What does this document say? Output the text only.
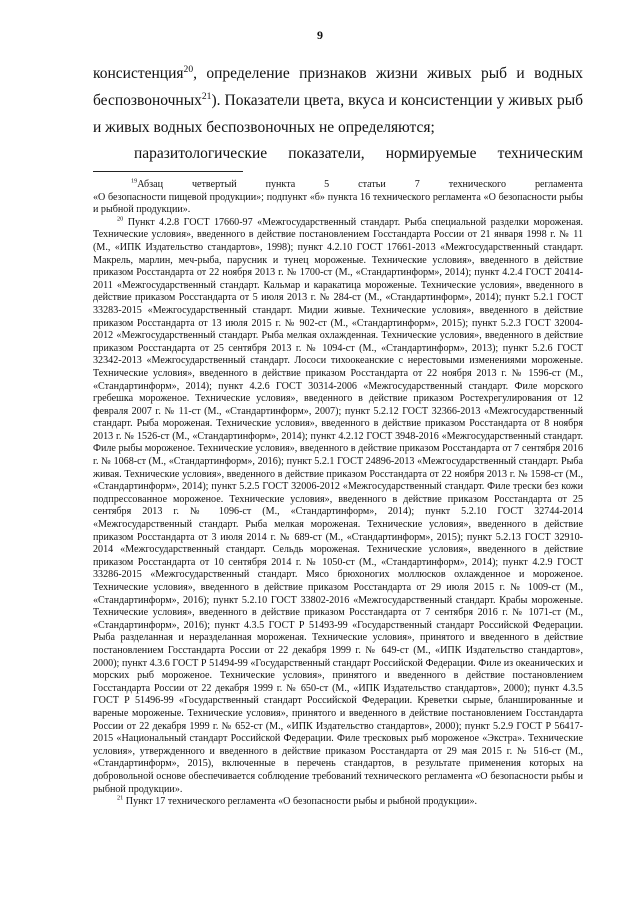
9

консистенция$^{20}$, определение признаков жизни живых рыб и водных беспозвоночных$^{21}$). Показатели цвета, вкуса и консистенции у живых рыб и живых водных беспозвоночных не определяются;

паразитологические показатели, нормируемые техническим
$^{19}$Абзац	четвертый	пункта	5	статьи	7	технического	регламента

«О безопасности пищевой продукции»; подпункт «б» пункта 16 технического регламента «О безопасности рыбы и рыбной продукции».

$^{20}$ Пункт 4.2.8 ГОСТ 17660-97 «Межгосударственный стандарт. Рыба специальной разделки мороженая. Технические условия», введенного в действие постановлением Госстандарта России от 21 января 1998 г. № 11 (М., «ИПК Издательство стандартов», 1998); пункт 4.2.10 ГОСТ 17661-2013 «Межгосударственный стандарт. Макрель, марлин, меч-рыба, парусник и тунец мороженые. Технические условия», введенного в действие приказом Росстандарта от 22 ноября 2013 г. № 1700-ст (М., «Стандартинформ», 2014); пункт 4.2.4 ГОСТ 20414-2011 «Межгосударственный стандарт. Кальмар и каракатица мороженые. Технические условия», введенного в действие приказом Росстандарта от 5 июля 2013 г. № 284-ст (М., «Стандартинформ», 2014); пункт 5.2.1 ГОСТ 33283-2015 «Межгосударственный стандарт. Мидии живые. Технические условия», введенного в действие приказом Росстандарта от 13 июля 2015 г. № 902-ст (М., «Стандартинформ», 2015); пункт 5.2.3 ГОСТ 32004-2012 «Межгосударственный стандарт. Рыба мелкая охлажденная. Технические условия», введенного в действие приказом Росстандарта от 25 сентября 2013 г. № 1094-ст (М., «Стандартинформ», 2013); пункт 5.2.6 ГОСТ 32342-2013 «Межгосударственный стандарт. Лососи тихоокеанские с нерестовыми изменениями мороженые. Технические условия», введенного в действие приказом Росстандарта от 22 ноября 2013 г. № 1596-ст (М., «Стандартинформ», 2014); пункт 4.2.6 ГОСТ 30314-2006 «Межгосударственный стандарт. Филе морского гребешка мороженое. Технические условия», введенного в действие приказом Ростехрегулирования от 12 февраля 2007 г. № 11-ст (М., «Стандартинформ», 2007); пункт 5.2.12 ГОСТ 32366-2013 «Межгосударственный стандарт. Рыба мороженая. Технические условия», введенного в действие приказом Росстандарта от 8 ноября 2013 г. № 1526-ст (М., «Стандартинформ», 2014); пункт 4.2.12 ГОСТ 3948-2016 «Межгосударственный стандарт. Филе рыбы мороженое. Технические условия», введенного в действие приказом Росстандарта от 7 сентября 2016 г. № 1068-ст (М., «Стандартинформ», 2016); пункт 5.2.1 ГОСТ 24896-2013 «Межгосударственный стандарт. Рыба живая. Технические условия», введенного в действие приказом Росстандарта от 22 ноября 2013 г. № 1598-ст (М., «Стандартинформ», 2014); пункт 5.2.5 ГОСТ 32006-2012 «Межгосударственный стандарт. Филе трески без кожи подпрессованное мороженое. Технические условия», введенного в действие приказом Росстандарта от 25 сентября 2013 г. № 1096-ст (М., «Стандартинформ», 2014); пункт 5.2.10 ГОСТ 32744-2014 «Межгосударственный стандарт. Рыба мелкая мороженая. Технические условия», введенного в действие приказом Росстандарта от 3 июля 2014 г. № 689-ст (М., «Стандартинформ», 2015); пункт 5.2.13 ГОСТ 32910-2014 «Межгосударственный стандарт. Сельдь мороженая. Технические условия», введенного в действие приказом Росстандарта от 10 сентября 2014 г. № 1050-ст (М., «Стандартинформ», 2014); пункт 4.2.9 ГОСТ 33286-2015 «Межгосударственный стандарт. Мясо брюхоногих моллюсков охлажденное и мороженое. Технические условия», введенного в действие приказом Росстандарта от 29 июля 2015 г. № 1009-ст (М., «Стандартинформ», 2016); пункт 5.2.10 ГОСТ 33802-2016 «Межгосударственный стандарт. Крабы мороженые. Технические условия», введенного в действие приказом Росстандарта от 7 сентября 2016 г. № 1071-ст (М., «Стандартинформ», 2016); пункт 4.3.5 ГОСТ Р 51493-99 «Государственный стандарт Российской Федерации. Рыба разделанная и неразделанная мороженая. Технические условия», принятого и введенного в действие постановлением Госстандарта России от 22 декабря 1999 г. № 649-ст (М., «ИПК Издательство стандартов», 2000); пункт 4.3.6 ГОСТ Р 51494-99 «Государственный стандарт Российской Федерации. Филе из океанических и морских рыб мороженое. Технические условия», принятого и введенного в действие постановлением Госстандарта России от 22 декабря 1999 г. № 650-ст (М., «ИПК Издательство стандартов», 2000); пункт 4.3.5 ГОСТ Р 51496-99 «Государственный стандарт Российской Федерации. Креветки сырые, бланшированные и вареные мороженые. Технические условия», принятого и введенного в действие постановлением Госстандарта России от 22 декабря 1999 г. № 652-ст (М., «ИПК Издательство стандартов», 2000); пункт 5.2.9 ГОСТ Р 56417-2015 «Национальный стандарт Российской Федерации. Филе тресковых рыб мороженое «Экстра». Технические условия», утвержденного и введенного в действие приказом Росстандарта от 29 мая 2015 г. № 516-ст (М., «Стандартинформ», 2015), включенные в перечень стандартов, в результате применения которых на добровольной основе обеспечивается соблюдение требований технического регламента «О безопасности рыбы и рыбной продукции».

$^{21}$ Пункт 17 технического регламента «О безопасности рыбы и рыбной продукции».
